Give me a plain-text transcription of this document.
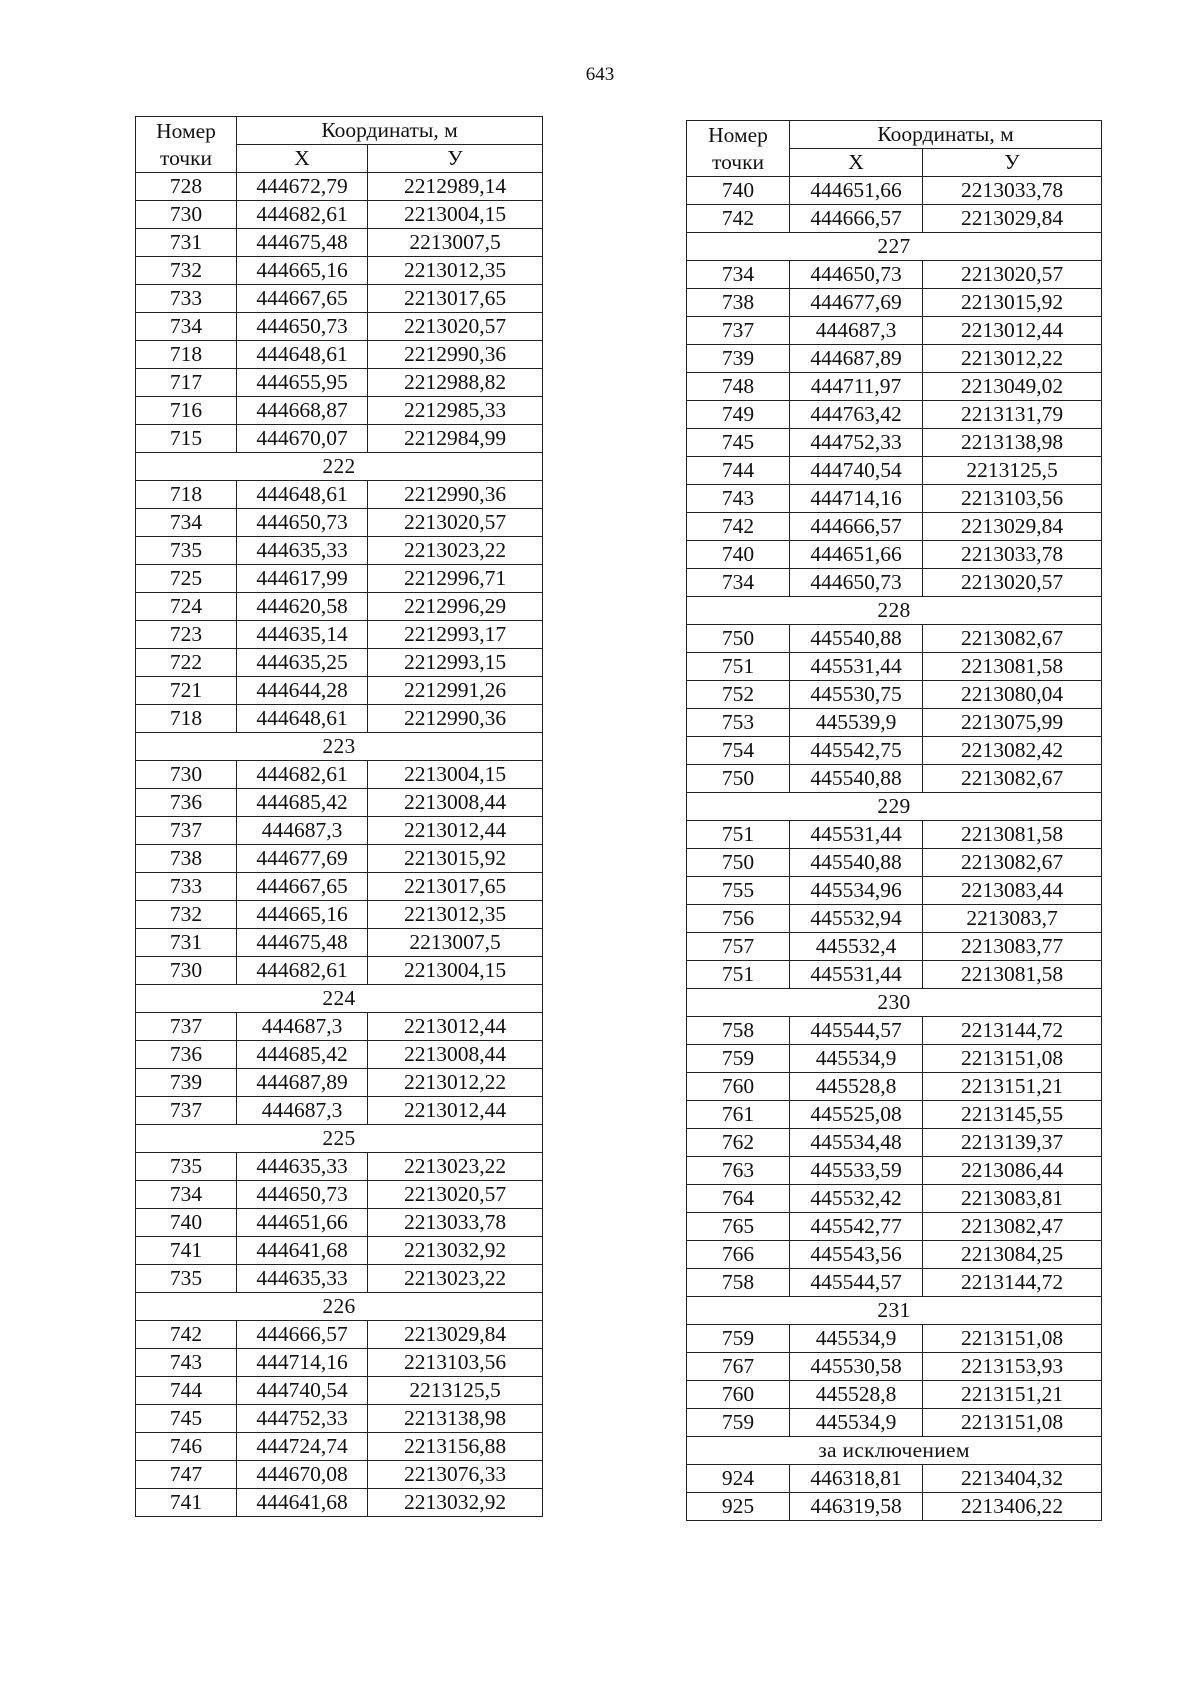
643
Номер
точки	Координаты, м	
	X	У
728	444672,79	2212989,14
730	444682,61	2213004,15
731	444675,48	2213007,5
732	444665,16	2213012,35
733	444667,65	2213017,65
734	444650,73	2213020,57
718	444648,61	2212990,36
717	444655,95	2212988,82
716	444668,87	2212985,33
715	444670,07	2212984,99
222		
718	444648,61	2212990,36
734	444650,73	2213020,57
735	444635,33	2213023,22
725	444617,99	2212996,71
724	444620,58	2212996,29
723	444635,14	2212993,17
722	444635,25	2212993,15
721	444644,28	2212991,26
718	444648,61	2212990,36
223		
730	444682,61	2213004,15
736	444685,42	2213008,44
737	444687,3	2213012,44
738	444677,69	2213015,92
733	444667,65	2213017,65
732	444665,16	2213012,35
731	444675,48	2213007,5
730	444682,61	2213004,15
224		
737	444687,3	2213012,44
736	444685,42	2213008,44
739	444687,89	2213012,22
737	444687,3	2213012,44
225		
735	444635,33	2213023,22
734	444650,73	2213020,57
740	444651,66	2213033,78
741	444641,68	2213032,92
735	444635,33	2213023,22
226		
742	444666,57	2213029,84
743	444714,16	2213103,56
744	444740,54	2213125,5
745	444752,33	2213138,98
746	444724,74	2213156,88
747	444670,08	2213076,33
741	444641,68	2213032,92
Номер
точки	Координаты, м	
	X	У
740	444651,66	2213033,78
742	444666,57	2213029,84
227		
734	444650,73	2213020,57
738	444677,69	2213015,92
737	444687,3	2213012,44
739	444687,89	2213012,22
748	444711,97	2213049,02
749	444763,42	2213131,79
745	444752,33	2213138,98
744	444740,54	2213125,5
743	444714,16	2213103,56
742	444666,57	2213029,84
740	444651,66	2213033,78
734	444650,73	2213020,57
228		
750	445540,88	2213082,67
751	445531,44	2213081,58
752	445530,75	2213080,04
753	445539,9	2213075,99
754	445542,75	2213082,42
750	445540,88	2213082,67
229		
751	445531,44	2213081,58
750	445540,88	2213082,67
755	445534,96	2213083,44
756	445532,94	2213083,7
757	445532,4	2213083,77
751	445531,44	2213081,58
230		
758	445544,57	2213144,72
759	445534,9	2213151,08
760	445528,8	2213151,21
761	445525,08	2213145,55
762	445534,48	2213139,37
763	445533,59	2213086,44
764	445532,42	2213083,81
765	445542,77	2213082,47
766	445543,56	2213084,25
758	445544,57	2213144,72
231		
759	445534,9	2213151,08
767	445530,58	2213153,93
760	445528,8	2213151,21
759	445534,9	2213151,08
за исключением		
924	446318,81	2213404,32
925	446319,58	2213406,22
